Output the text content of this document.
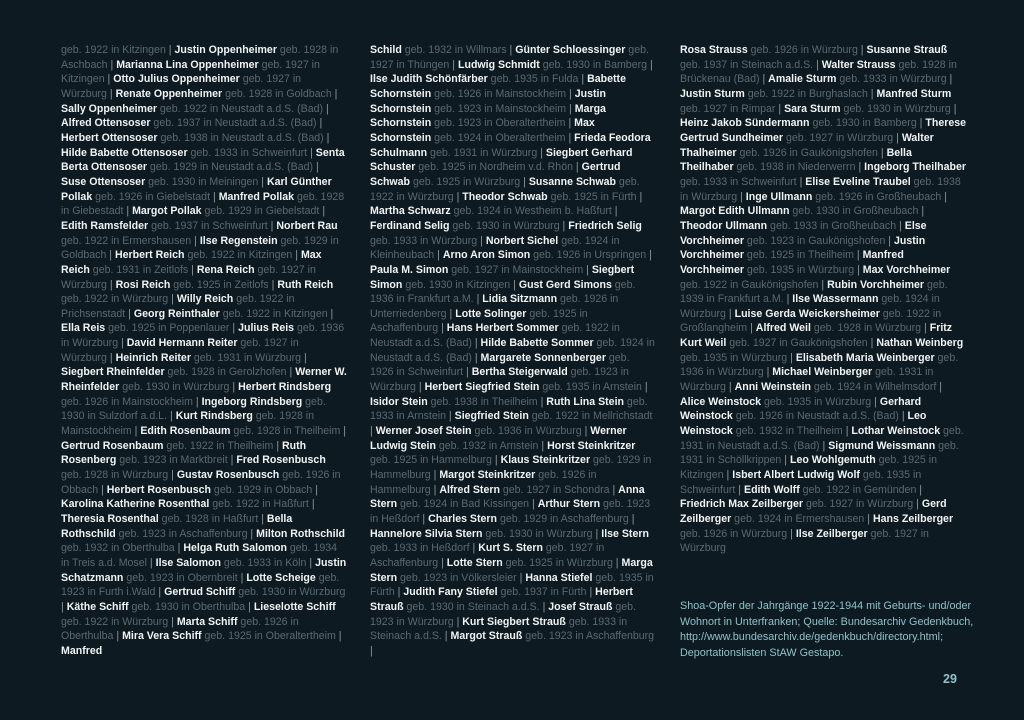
geb. 1922 in Kitzingen | Justin Oppenheimer geb. 1928 in Aschbach | Marianna Lina Oppenheimer geb. 1927 in Kitzingen | Otto Julius Oppenheimer geb. 1927 in Würzburg | Renate Oppenheimer geb. 1928 in Goldbach | Sally Oppenheimer geb. 1922 in Neustadt a.d.S. (Bad) | Alfred Ottensoser geb. 1937 in Neustadt a.d.S. (Bad) | Herbert Ottensoser geb. 1938 in Neustadt a.d.S. (Bad) | Hilde Babette Ottensoser geb. 1933 in Schweinfurt | Senta Berta Ottensoser geb. 1929 in Neustadt a.d.S. (Bad) | Suse Ottensoser geb. 1930 in Meiningen | Karl Günther Pollak geb. 1926 in Giebelstadt | Manfred Pollak geb. 1928 in Giebestadt | Margot Pollak geb. 1929 in Giebelstadt | Edith Ramsfelder geb. 1937 in Schweinfurt | Norbert Rau geb. 1922 in Ermershausen | Ilse Regenstein geb. 1929 in Goldbach | Herbert Reich geb. 1922 in Kitzingen | Max Reich geb. 1931 in Zeitlofs | Rena Reich geb. 1927 in Würzburg | Rosi Reich geb. 1925 in Zeitlofs | Ruth Reich geb. 1922 in Würzburg | Willy Reich geb. 1922 in Prichsenstadt | Georg Reinthaler geb. 1922 in Kitzingen | Ella Reis geb. 1925 in Poppenlauer | Julius Reis geb. 1936 in Würzburg | David Hermann Reiter geb. 1927 in Würzburg | Heinrich Reiter geb. 1931 in Würzburg | Siegbert Rheinfelder geb. 1928 in Gerolzhofen | Werner W. Rheinfelder geb. 1930 in Würzburg | Herbert Rindsberg geb. 1926 in Mainstockheim | Ingeborg Rindsberg geb. 1930 in Sulzdorf a.d.L. | Kurt Rindsberg geb. 1928 in Mainstockheim | Edith Rosenbaum geb. 1928 in Theilheim | Gertrud Rosenbaum geb. 1922 in Theilheim | Ruth Rosenberg geb. 1923 in Marktbreit | Fred Rosenbusch geb. 1928 in Würzburg | Gustav Rosenbusch geb. 1926 in Obbach | Herbert Rosenbusch geb. 1929 in Obbach | Karolina Katherine Rosenthal geb. 1922 in Haßfurt | Theresia Rosenthal geb. 1928 in Haßfurt | Bella Rothschild geb. 1923 in Aschaffenburg | Milton Rothschild geb. 1932 in Oberthulba | Helga Ruth Salomon geb. 1934 in Treis a.d. Mosel | Ilse Salomon geb. 1933 in Köln | Justin Schatzmann geb. 1923 in Obernbreit | Lotte Scheige geb. 1923 in Furth i.Wald | Gertrud Schiff geb. 1930 in Würzburg | Käthe Schiff geb. 1930 in Oberthulba | Lieselotte Schiff geb. 1922 in Würzburg | Marta Schiff geb. 1926 in Oberthulba | Mira Vera Schiff geb. 1925 in Oberaltertheim | Manfred
Schild geb. 1932 in Willmars | Günter Schloessinger geb. 1927 in Thüngen | Ludwig Schmidt geb. 1930 in Bamberg | Ilse Judith Schönfärber geb. 1935 in Fulda | Babette Schornstein geb. 1926 in Mainstockheim | Justin Schornstein geb. 1923 in Mainstockheim | Marga Schornstein geb. 1923 in Oberaltertheim | Max Schornstein geb. 1924 in Oberaltertheim | Frieda Feodora Schulmann geb. 1931 in Würzburg | Siegbert Gerhard Schuster geb. 1925 in Nordheim v.d. Rhön | Gertrud Schwab geb. 1925 in Würzburg | Susanne Schwab geb. 1922 in Würzburg | Theodor Schwab geb. 1925 in Fürth | Martha Schwarz geb. 1924 in Westheim b. Haßfurt | Ferdinand Selig geb. 1930 in Würzburg | Friedrich Selig geb. 1933 in Würzburg | Norbert Sichel geb. 1924 in Kleinheubach | Arno Aron Simon geb. 1926 in Urspringen | Paula M. Simon geb. 1927 in Mainstockheim | Siegbert Simon geb. 1930 in Kitzingen | Gust Gerd Simons geb. 1936 in Frankfurt a.M. | Lidia Sitzmann geb. 1926 in Unterriedenberg | Lotte Solinger geb. 1925 in Aschaffenburg | Hans Herbert Sommer geb. 1922 in Neustadt a.d.S. (Bad) | Hilde Babette Sommer geb. 1924 in Neustadt a.d.S. (Bad) | Margarete Sonnenberger geb. 1926 in Schweinfurt | Bertha Steigerwald geb. 1923 in Würzburg | Herbert Siegfried Stein geb. 1935 in Arnstein | Isidor Stein geb. 1938 in Theilheim | Ruth Lina Stein geb. 1933 in Arnstein | Siegfried Stein geb. 1922 in Mellrichstadt | Werner Josef Stein geb. 1936 in Würzburg | Werner Ludwig Stein geb. 1932 in Arnstein | Horst Steinkritzer geb. 1925 in Hammelburg | Klaus Steinkritzer geb. 1929 in Hammelburg | Margot Steinkritzer geb. 1926 in Hammelburg | Alfred Stern geb. 1927 in Schondra | Anna Stern geb. 1924 in Bad Kissingen | Arthur Stern geb. 1923 in Heßdorf | Charles Stern geb. 1929 in Aschaffenburg | Hannelore Silvia Stern geb. 1930 in Würzburg | Ilse Stern geb. 1933 in Heßdorf | Kurt S. Stern geb. 1927 in Aschaffenburg | Lotte Stern geb. 1925 in Würzburg | Marga Stern geb. 1923 in Völkersleier | Hanna Stiefel geb. 1935 in Fürth | Judith Fany Stiefel geb. 1937 in Fürth | Herbert Strauß geb. 1930 in Steinach a.d.S. | Josef Strauß geb. 1923 in Würzburg | Kurt Siegbert Strauß geb. 1933 in Steinach a.d.S. | Margot Strauß geb. 1923 in Aschaffenburg |
Rosa Strauss geb. 1926 in Würzburg | Susanne Strauß geb. 1937 in Steinach a.d.S. | Walter Strauss geb. 1928 in Brückenau (Bad) | Amalie Sturm geb. 1933 in Würzburg | Justin Sturm geb. 1922 in Burghaslach | Manfred Sturm geb. 1927 in Rimpar | Sara Sturm geb. 1930 in Würzburg | Heinz Jakob Sündermann geb. 1930 in Bamberg | Therese Gertrud Sundheimer geb. 1927 in Würzburg | Walter Thalheimer geb. 1926 in Gaukönigshofen | Bella Theilhaber geb. 1938 in Niederwerrn | Ingeborg Theilhaber geb. 1933 in Schweinfurt | Elise Eveline Traubel geb. 1938 in Würzburg | Inge Ullmann geb. 1926 in Großheubach | Margot Edith Ullmann geb. 1930 in Großheubach | Theodor Ullmann geb. 1933 in Großheubach | Else Vorchheimer geb. 1923 in Gaukönigshofen | Justin Vorchheimer geb. 1925 in Theilheim | Manfred Vorchheimer geb. 1935 in Würzburg | Max Vorchheimer geb. 1922 in Gaukönigshofen | Rubin Vorchheimer geb. 1939 in Frankfurt a.M. | Ilse Wassermann geb. 1924 in Würzburg | Luise Gerda Weickersheimer geb. 1922 in Großlangheim | Alfred Weil geb. 1928 in Würzburg | Fritz Kurt Weil geb. 1927 in Gaukönigshofen | Nathan Weinberg geb. 1935 in Würzburg | Elisabeth Maria Weinberger geb. 1936 in Würzburg | Michael Weinberger geb. 1931 in Würzburg | Anni Weinstein geb. 1924 in Wilhelmsdorf | Alice Weinstock geb. 1935 in Würzburg | Gerhard Weinstock geb. 1926 in Neustadt a.d.S. (Bad) | Leo Weinstock geb. 1932 in Theilheim | Lothar Weinstock geb. 1931 in Neustadt a.d.S. (Bad) | Sigmund Weissmann geb. 1931 in Schöllkrippen | Leo Wohlgemuth geb. 1925 in Kitzingen | Isbert Albert Ludwig Wolf geb. 1935 in Schweinfurt | Edith Wolff geb. 1922 in Gemünden | Friedrich Max Zeilberger geb. 1927 in Würzburg | Gerd Zeilberger geb. 1924 in Ermershausen | Hans Zeilberger geb. 1926 in Würzburg | Ilse Zeilberger geb. 1927 in Würzburg
Shoa-Opfer der Jahrgänge 1922-1944 mit Geburts- und/oder Wohnort in Unterfranken; Quelle: Bundesarchiv Gedenkbuch, http://www.bundesarchiv.de/gedenkbuch/directory.html; Deportationslisten StAW Gestapo.
29
